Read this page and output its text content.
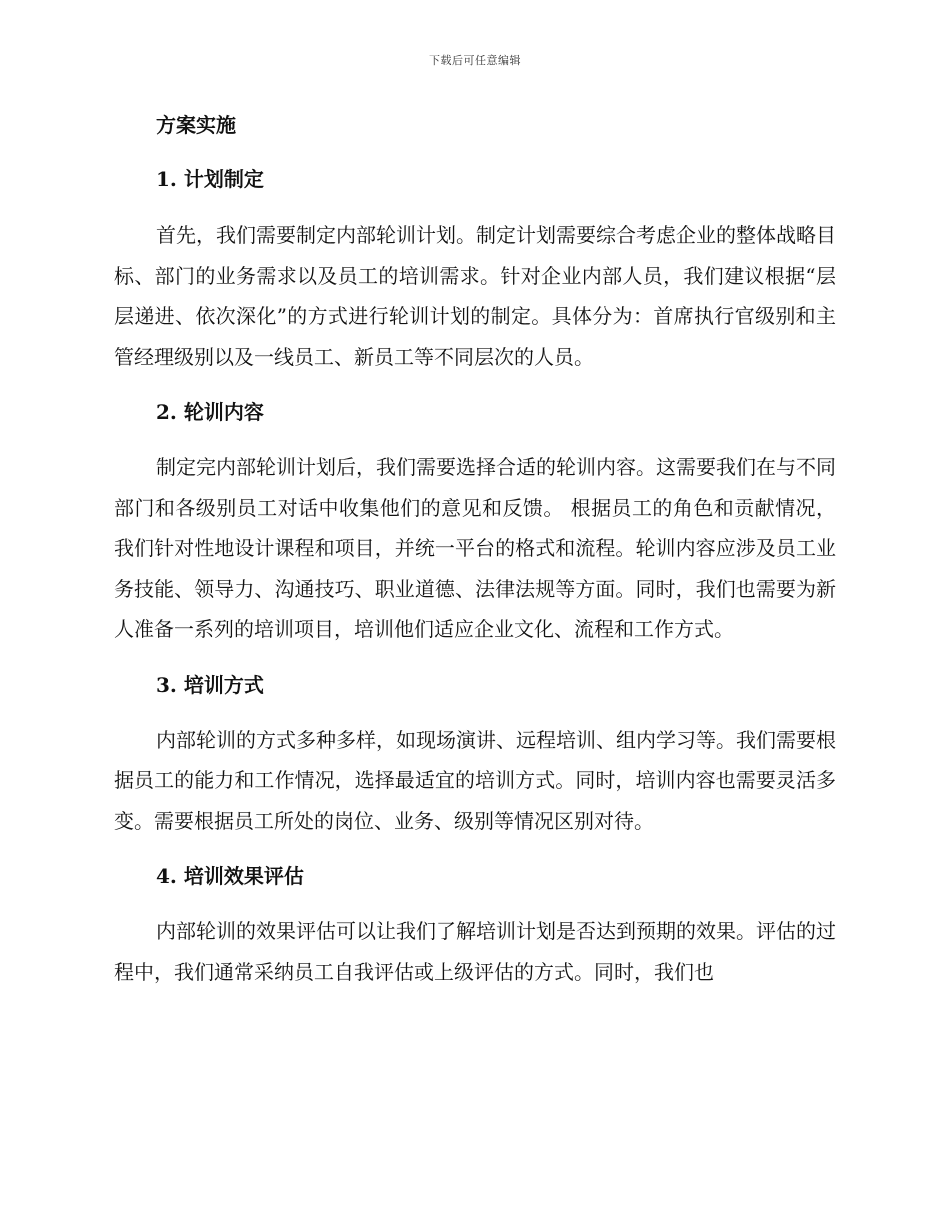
下载后可任意编辑
方案实施
1. 计划制定

首先，我们需要制定内部轮训计划。制定计划需要综合考虑企业的整体战略目标、部门的业务需求以及员工的培训需求。针对企业内部人员，我们建议根据“层层递进、依次深化”的方式进行轮训计划的制定。具体分为：首席执行官级别和主管经理级别以及一线员工、新员工等不同层次的人员。

2. 轮训内容

制定完内部轮训计划后，我们需要选择合适的轮训内容。这需要我们在与不同部门和各级别员工对话中收集他们的意见和反馈。 根据员工的角色和贡献情况，我们针对性地设计课程和项目，并统一平台的格式和流程。轮训内容应涉及员工业务技能、领导力、沟通技巧、职业道德、法律法规等方面。同时，我们也需要为新人准备一系列的培训项目，培训他们适应企业文化、流程和工作方式。

3. 培训方式

内部轮训的方式多种多样，如现场演讲、远程培训、组内学习等。我们需要根据员工的能力和工作情况，选择最适宜的培训方式。同时，培训内容也需要灵活多变。需要根据员工所处的岗位、业务、级别等情况区别对待。

4. 培训效果评估

内部轮训的效果评估可以让我们了解培训计划是否达到预期的效果。评估的过程中，我们通常采纳员工自我评估或上级评估的方式。同时，我们也
